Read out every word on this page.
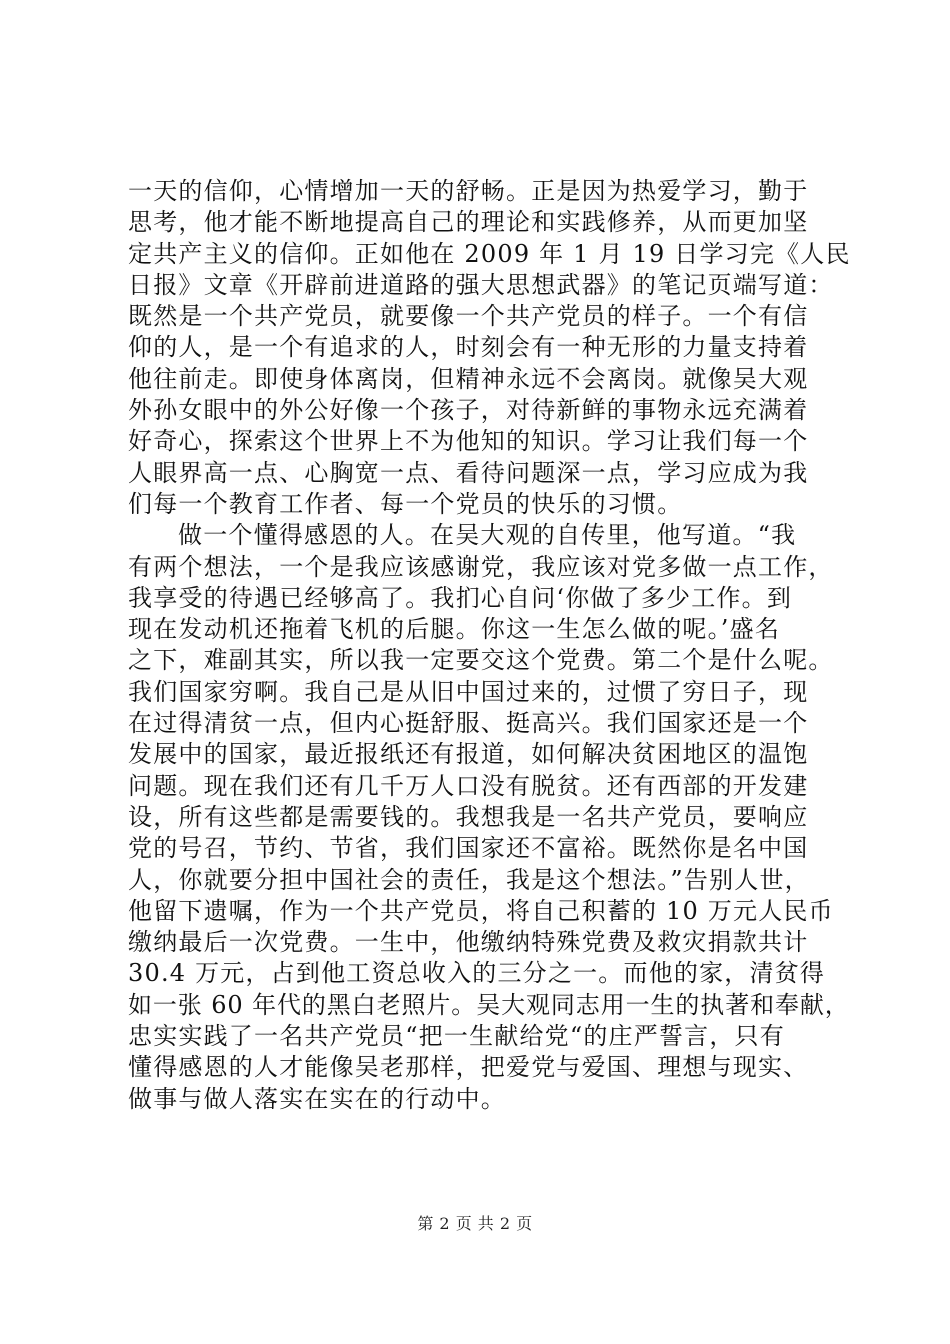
一天的信仰，心情增加一天的舒畅。正是因为热爱学习，勤于
思考，他才能不断地提高自己的理论和实践修养，从而更加坚
定共产主义的信仰。正如他在 2009 年 1 月 19 日学习完《人民
日报》文章《开辟前进道路的强大思想武器》的笔记页端写道：
既然是一个共产党员，就要像一个共产党员的样子。一个有信
仰的人，是一个有追求的人，时刻会有一种无形的力量支持着
他往前走。即使身体离岗，但精神永远不会离岗。就像吴大观
外孙女眼中的外公好像一个孩子，对待新鲜的事物永远充满着
好奇心，探索这个世界上不为他知的知识。学习让我们每一个
人眼界高一点、心胸宽一点、看待问题深一点，学习应成为我
们每一个教育工作者、每一个党员的快乐的习惯。
做一个懂得感恩的人。在吴大观的自传里，他写道。“我
有两个想法，一个是我应该感谢党，我应该对党多做一点工作，
我享受的待遇已经够高了。我扪心自问‘你做了多少工作。到
现在发动机还拖着飞机的后腿。你这一生怎么做的呢。’盛名
之下，难副其实，所以我一定要交这个党费。第二个是什么呢。
我们国家穷啊。我自己是从旧中国过来的，过惯了穷日子，现
在过得清贫一点，但内心挺舒服、挺高兴。我们国家还是一个
发展中的国家，最近报纸还有报道，如何解决贫困地区的温饱
问题。现在我们还有几千万人口没有脱贫。还有西部的开发建
设，所有这些都是需要钱的。我想我是一名共产党员，要响应
党的号召，节约、节省，我们国家还不富裕。既然你是名中国
人，你就要分担中国社会的责任，我是这个想法。”告别人世，
他留下遗嘱，作为一个共产党员，将自己积蓄的 10 万元人民币
缴纳最后一次党费。一生中，他缴纳特殊党费及救灾捐款共计
30.4 万元，占到他工资总收入的三分之一。而他的家，清贫得
如一张 60 年代的黑白老照片。吴大观同志用一生的执著和奉献，
忠实实践了一名共产党员“把一生献给党“的庄严誓言，只有
懂得感恩的人才能像吴老那样，把爱党与爱国、理想与现实、
做事与做人落实在实在的行动中。
第 2 页 共 2 页
